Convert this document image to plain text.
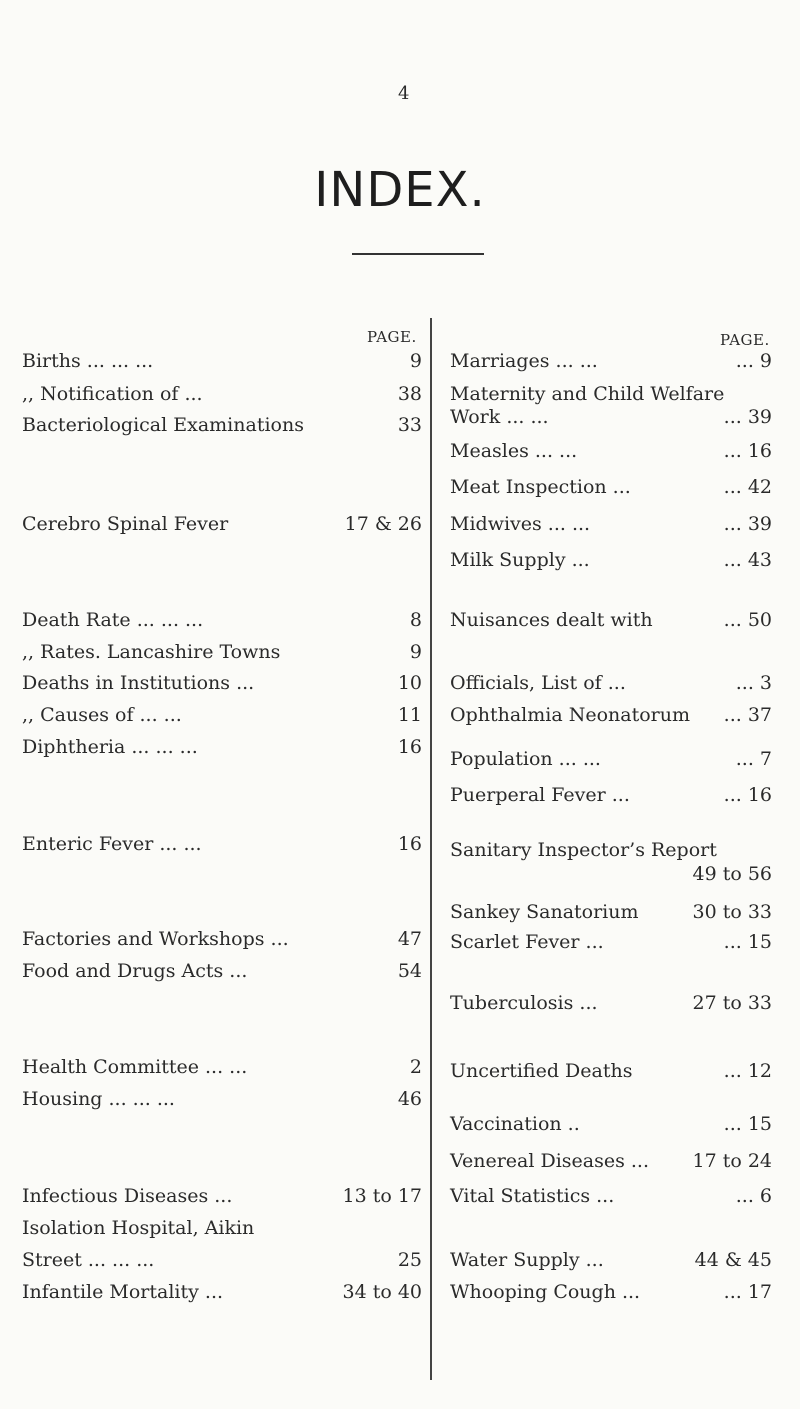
4
INDEX.
PAGE.	PAGE.
Births ... ... ...	9
,, Notification of ...	38
Bacteriological Examinations	33
Cerebro Spinal Fever	17 & 26
Death Rate ... ... ...	8
,, Rates. Lancashire Towns	9
Deaths in Institutions ...	10
,, Causes of ... ...	11
Diphtheria ... ... ...	16
Enteric Fever ... ...	16
Factories and Workshops ...	47
Food and Drugs Acts ...	54
Health Committee ... ...	2
Housing ... ... ...	46
Infectious Diseases ...	13 to 17
Isolation Hospital, Aikin
Street ... ... ...	25
Infantile Mortality ...	34 to 40
Marriages ... ...	... 9
Maternity and Child Welfare
Work ... ...	... 39
Measles ... ...	... 16
Meat Inspection ...	... 42
Midwives ... ...	... 39
Milk Supply ...	... 43
Nuisances dealt with	... 50
Officials, List of ...	... 3
Ophthalmia Neonatorum ... 37
Population ... ...	... 7
Puerperal Fever ...	... 16
Sanitary Inspector’s Report
49 to 56
Sankey Sanatorium	30 to 33
Scarlet Fever ...	... 15
Tuberculosis ...	27 to 33
Uncertified Deaths	... 12
Vaccination ..	... 15
Venereal Diseases ... 17 to 24
Vital Statistics ...	... 6
Water Supply ...	44 & 45
Whooping Cough ...	... 17
